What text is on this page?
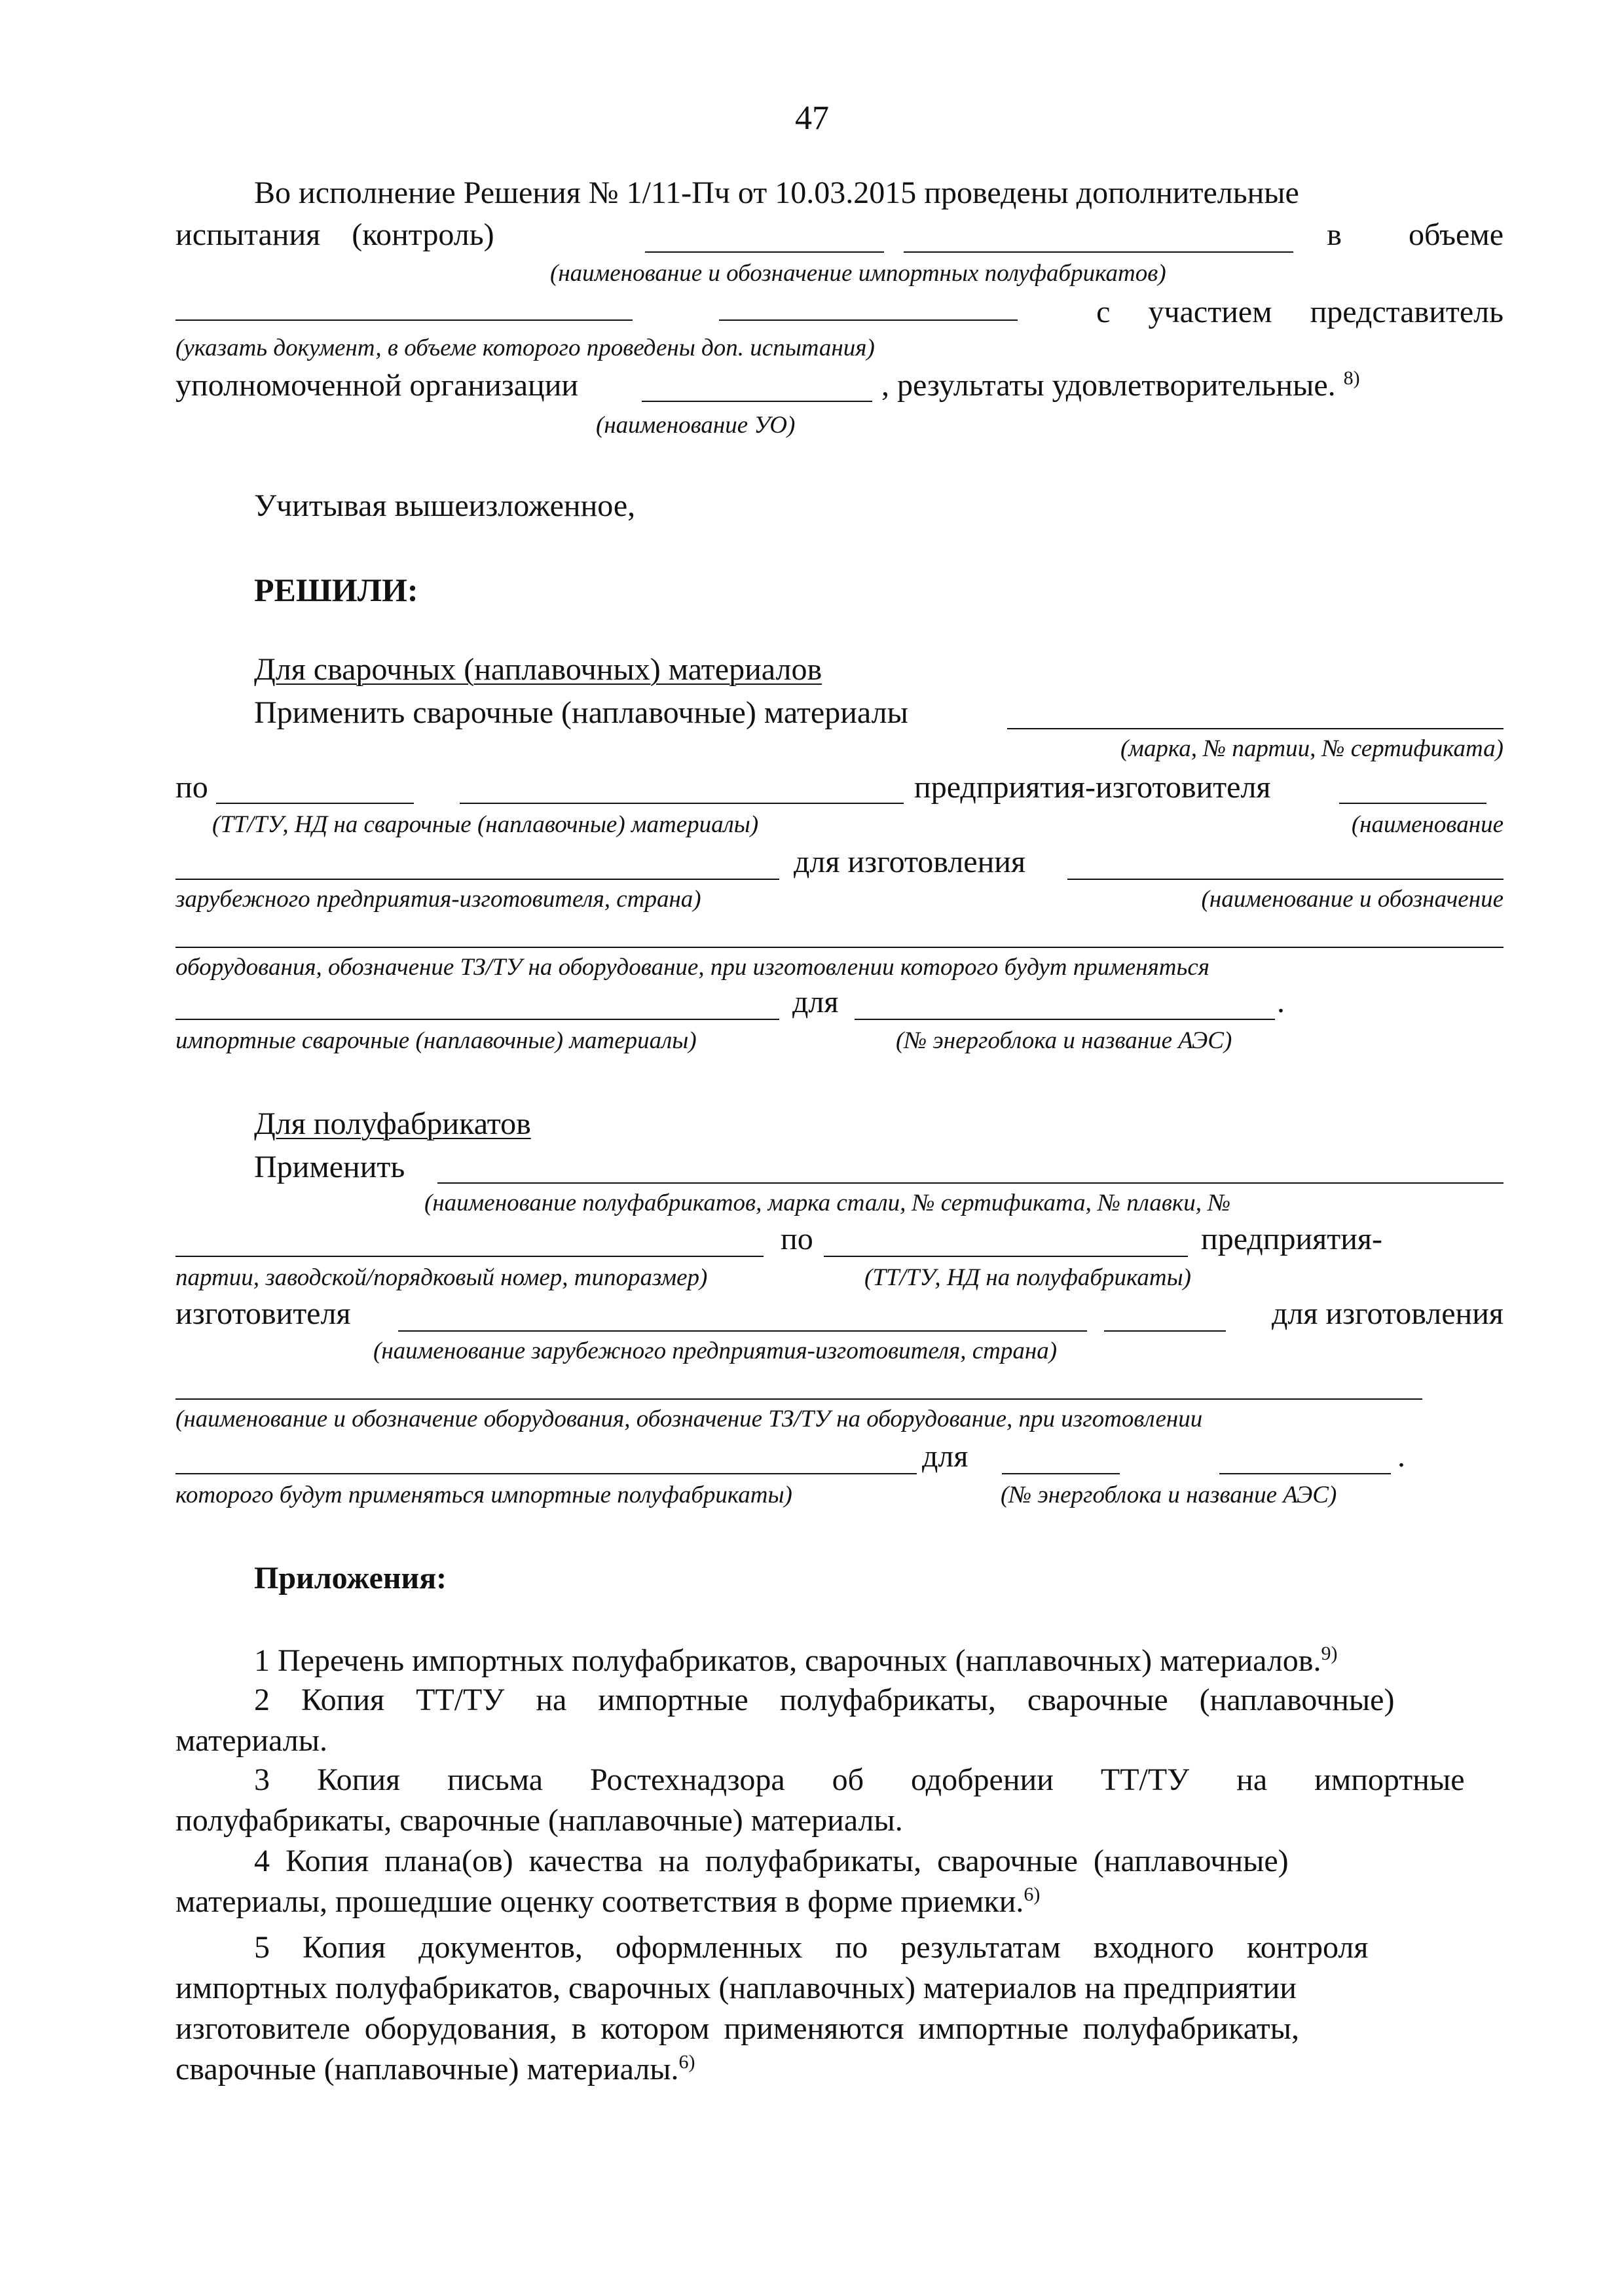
47
Во исполнение Решения № 1/11-Пч от 10.03.2015 проведены дополнительные
испытания (контроль)	в объеме
(наименование и обозначение импортных полуфабрикатов)
с участием представитель
(указать документ, в объеме которого проведены доп. испытания)
уполномоченной организации	, результаты удовлетворительные. $^{8)}$
(наименование УО)
Учитывая вышеизложенное,
РЕШИЛИ:
Для сварочных (наплавочных) материалов
Применить сварочные (наплавочные) материалы
(марка, № партии, № сертификата)
по	предприятия-изготовителя
(ТТ/ТУ, НД на сварочные (наплавочные) материалы)	(наименование
для изготовления
зарубежного предприятия-изготовителя, страна)	(наименование и обозначение
оборудования, обозначение ТЗ/ТУ на оборудование, при изготовлении которого будут применяться
для	.
импортные сварочные (наплавочные) материалы)	(№ энергоблока и название АЭС)
Для полуфабрикатов
Применить
(наименование полуфабрикатов, марка стали, № сертификата, № плавки, №
по	предприятия-
партии, заводской/порядковый номер, типоразмер)	(ТТ/ТУ, НД на полуфабрикаты)
изготовителя	для изготовления
(наименование зарубежного предприятия-изготовителя, страна)
(наименование и обозначение оборудования, обозначение ТЗ/ТУ на оборудование, при изготовлении
для	.
которого будут применяться импортные полуфабрикаты)	(№ энергоблока и название АЭС)
Приложения:
1 Перечень импортных полуфабрикатов, сварочных (наплавочных) материалов.$^{9)}$
2 Копия ТТ/ТУ на импортные полуфабрикаты, сварочные (наплавочные)
материалы.
3 Копия письма Ростехнадзора об одобрении ТТ/ТУ на импортные
полуфабрикаты, сварочные (наплавочные) материалы.
4 Копия плана(ов) качества на полуфабрикаты, сварочные (наплавочные)
материалы, прошедшие оценку соответствия в форме приемки.$^{6)}$
5 Копия документов, оформленных по результатам входного контроля
импортных полуфабрикатов, сварочных (наплавочных) материалов на предприятии
изготовителе оборудования, в котором применяются импортные полуфабрикаты,
сварочные (наплавочные) материалы.$^{6)}$
